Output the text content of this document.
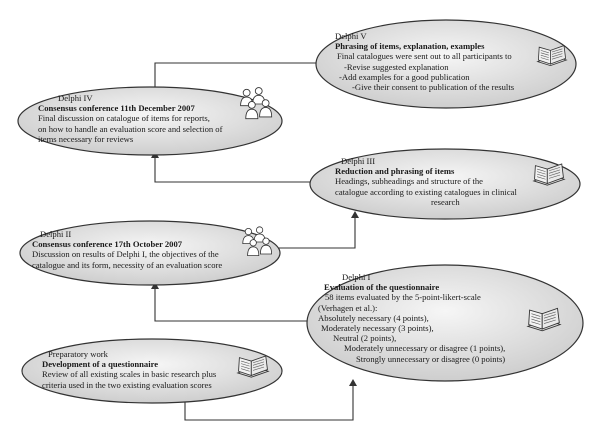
Delphi V
Phrasing of items, explanation, examples
Final catalogues were sent out to all participants to
-Revise suggested explanation
-Add examples for a good publication
-Give their consent to publication of the results
Delphi IV
Consensus conference 11th December 2007
Final discussion on catalogue of items for reports,
on how to handle an evaluation score and selection of
items necessary for reviews
Delphi III
Reduction and phrasing of items
Headings, subheadings and structure of the
catalogue according to existing catalogues in clinical
research
Delphi II
Consensus conference 17th October 2007
Discussion on results of Delphi I, the objectives of the
catalogue and its form, necessity of an evaluation score
Delphi I
Evaluation of the questionnaire
58 items evaluated by the 5-point-likert-scale
(Verhagen et al.):
Absolutely necessary (4 points),
Moderately necessary (3 points),
Neutral (2 points),
Moderately unnecessary or disagree (1 points),
Strongly unnecessary or disagree (0 points)
Preparatory work
Development of a questionnaire
Review of all existing scales in basic research plus
criteria used in the two existing evaluation scores
